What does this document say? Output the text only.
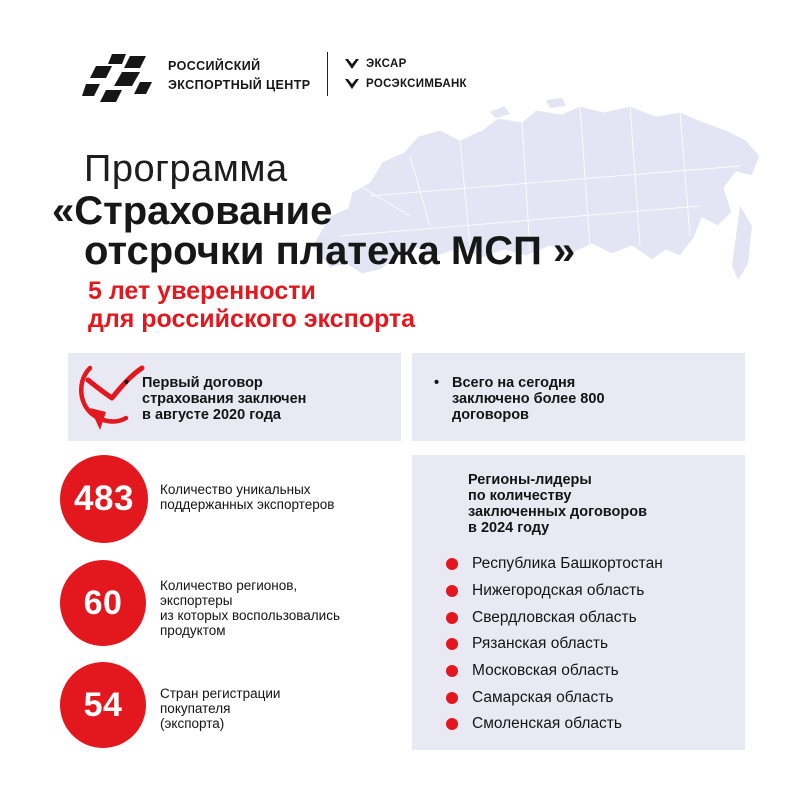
РОССИЙСКИЙ
ЭКСПОРТНЫЙ ЦЕНТР
ЭКСАР
РОСЭКСИМБАНК
Программа
«Страхование
отсрочки платежа МСП »
5 лет уверенности
для российского экспорта
• Первый договор
страхования заключен
в августе 2020 года
• Всего на сегодня
заключено более 800
договоров
483	Количество уникальных
поддержанных экспортеров
60	Количество регионов,
экспортеры
из которых воспользовались
продуктом
54	Стран регистрации
покупателя
(экспорта)
Регионы-лидеры
по количеству
заключенных договоров
в 2024 году
Республика Башкортостан
Нижегородская область
Свердловская область
Рязанская область
Московская область
Самарская область
Смоленская область
